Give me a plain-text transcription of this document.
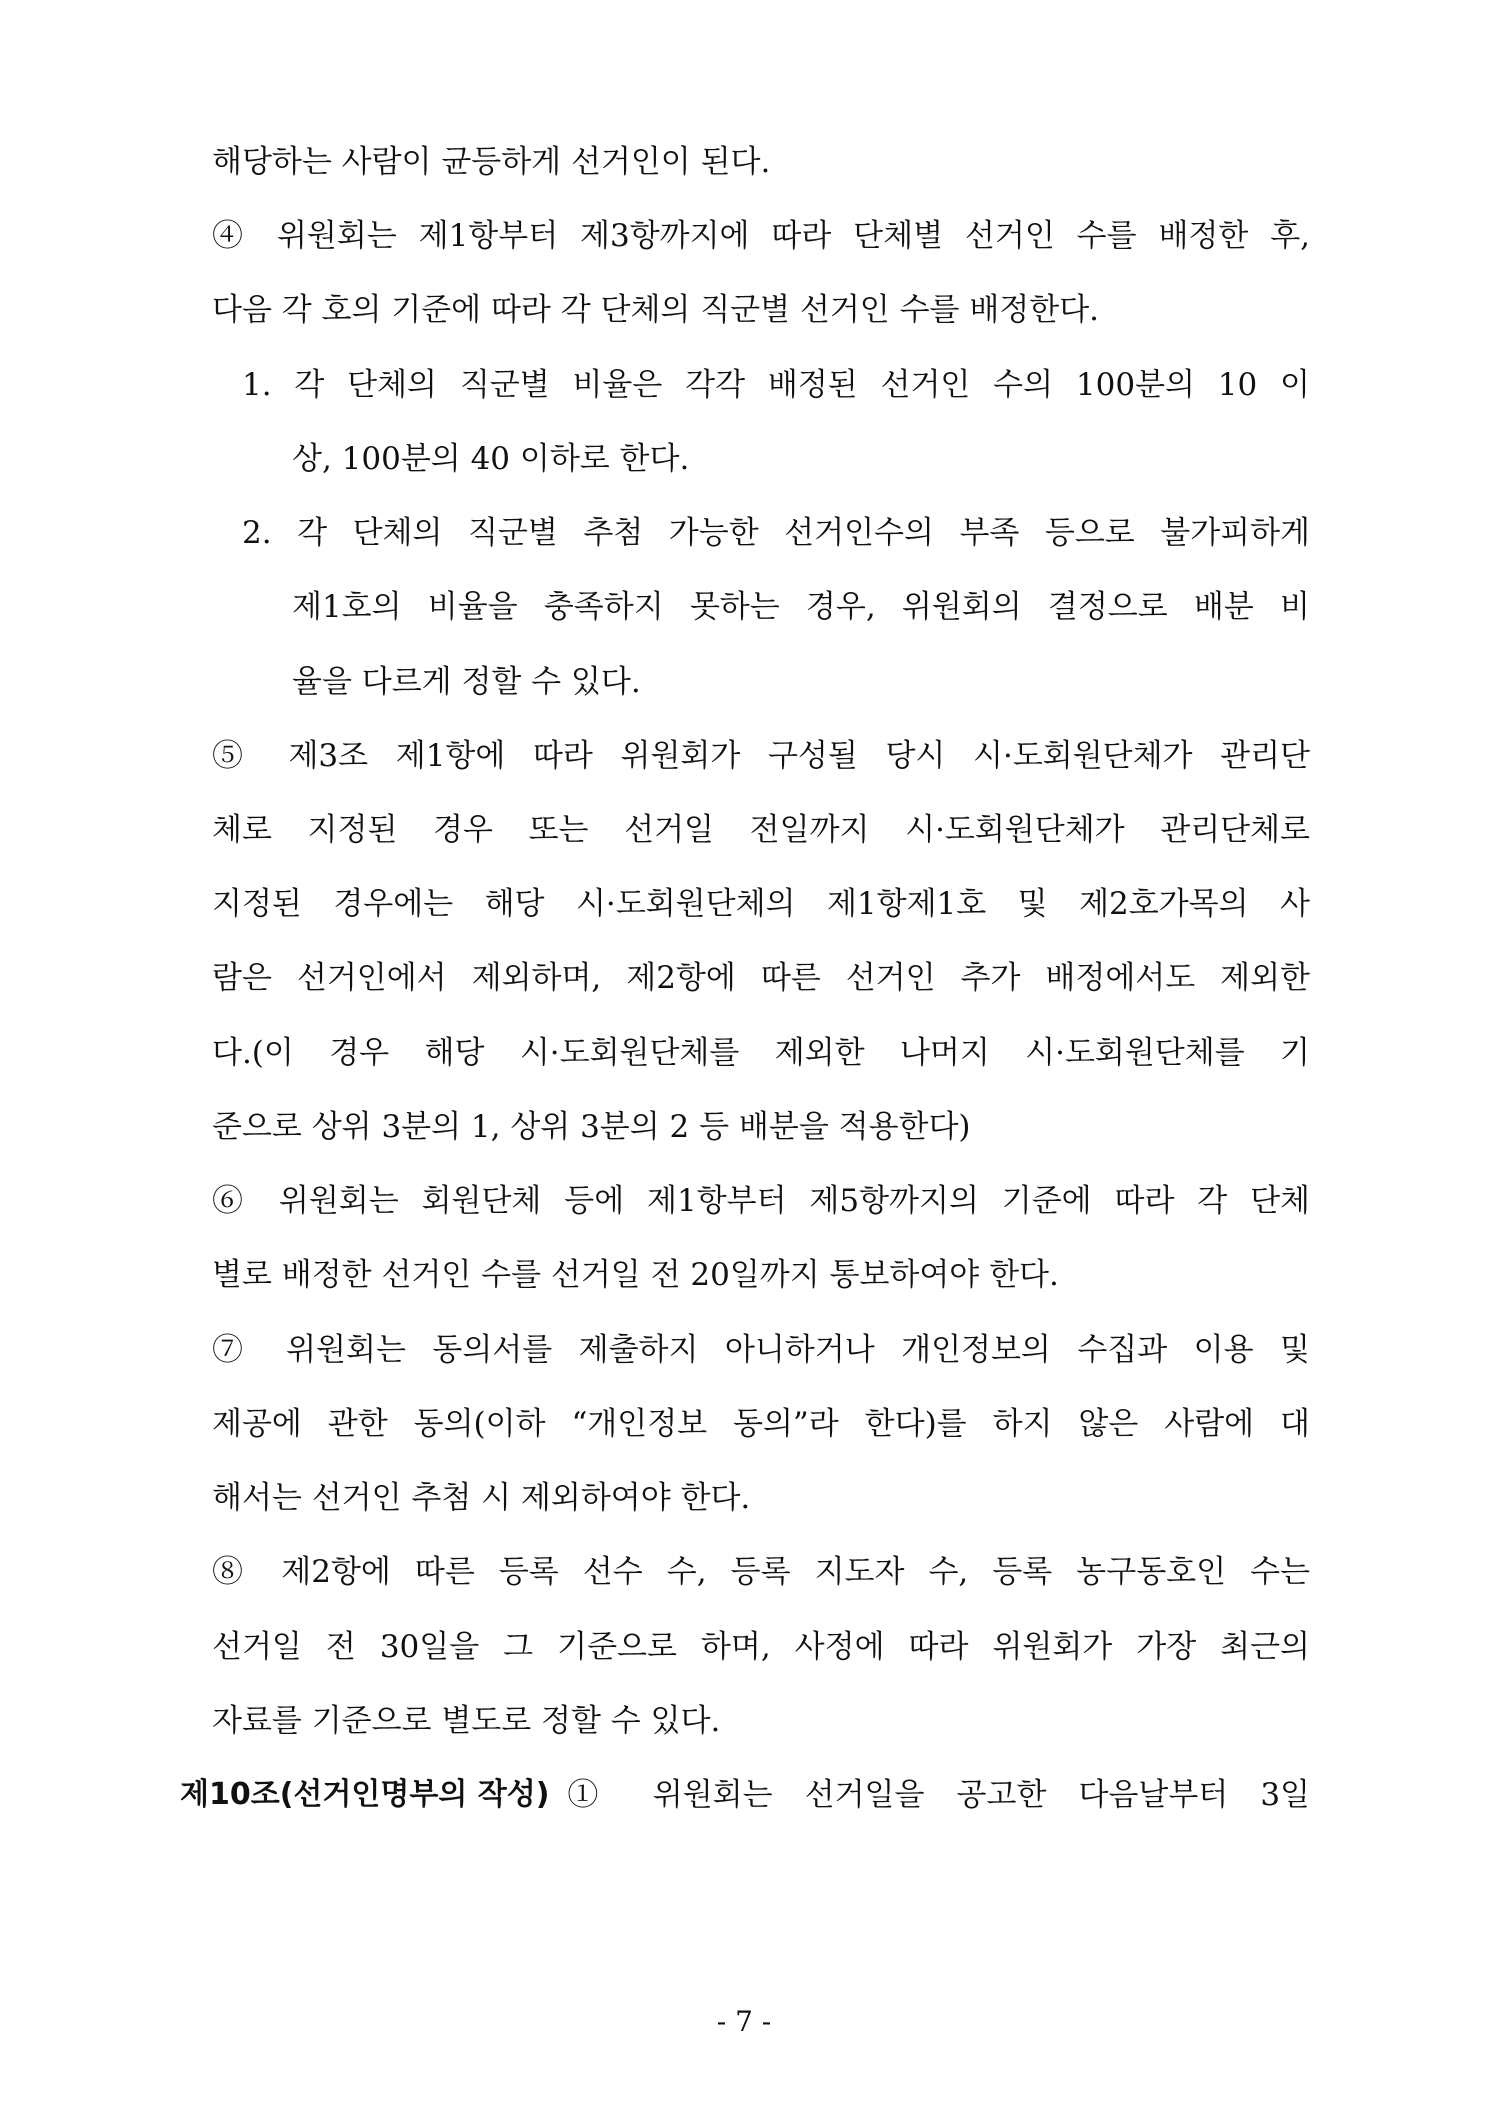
해당하는 사람이 균등하게 선거인이 된다.
④ 위원회는 제1항부터 제3항까지에 따라 단체별 선거인 수를 배정한 후,
다음 각 호의 기준에 따라 각 단체의 직군별 선거인 수를 배정한다.
1. 각 단체의 직군별 비율은 각각 배정된 선거인 수의 100분의 10 이
상, 100분의 40 이하로 한다.
2. 각 단체의 직군별 추첨 가능한 선거인수의 부족 등으로 불가피하게
제1호의 비율을 충족하지 못하는 경우, 위원회의 결정으로 배분 비
율을 다르게 정할 수 있다.
⑤ 제3조 제1항에 따라 위원회가 구성될 당시 시·도회원단체가 관리단
체로 지정된 경우 또는 선거일 전일까지 시·도회원단체가 관리단체로
지정된 경우에는 해당 시·도회원단체의 제1항제1호 및 제2호가목의 사
람은 선거인에서 제외하며, 제2항에 따른 선거인 추가 배정에서도 제외한
다.(이 경우 해당 시·도회원단체를 제외한 나머지 시·도회원단체를 기
준으로 상위 3분의 1, 상위 3분의 2 등 배분을 적용한다)
⑥ 위원회는 회원단체 등에 제1항부터 제5항까지의 기준에 따라 각 단체
별로 배정한 선거인 수를 선거일 전 20일까지 통보하여야 한다.
⑦ 위원회는 동의서를 제출하지 아니하거나 개인정보의 수집과 이용 및
제공에 관한 동의(이하 “개인정보 동의”라 한다)를 하지 않은 사람에 대
해서는 선거인 추첨 시 제외하여야 한다.
⑧ 제2항에 따른 등록 선수 수, 등록 지도자 수, 등록 농구동호인 수는
선거일 전 30일을 그 기준으로 하며, 사정에 따라 위원회가 가장 최근의
자료를 기준으로 별도로 정할 수 있다.
제10조(선거인명부의 작성) ① 위원회는 선거일을 공고한 다음날부터 3일
- 7 -
